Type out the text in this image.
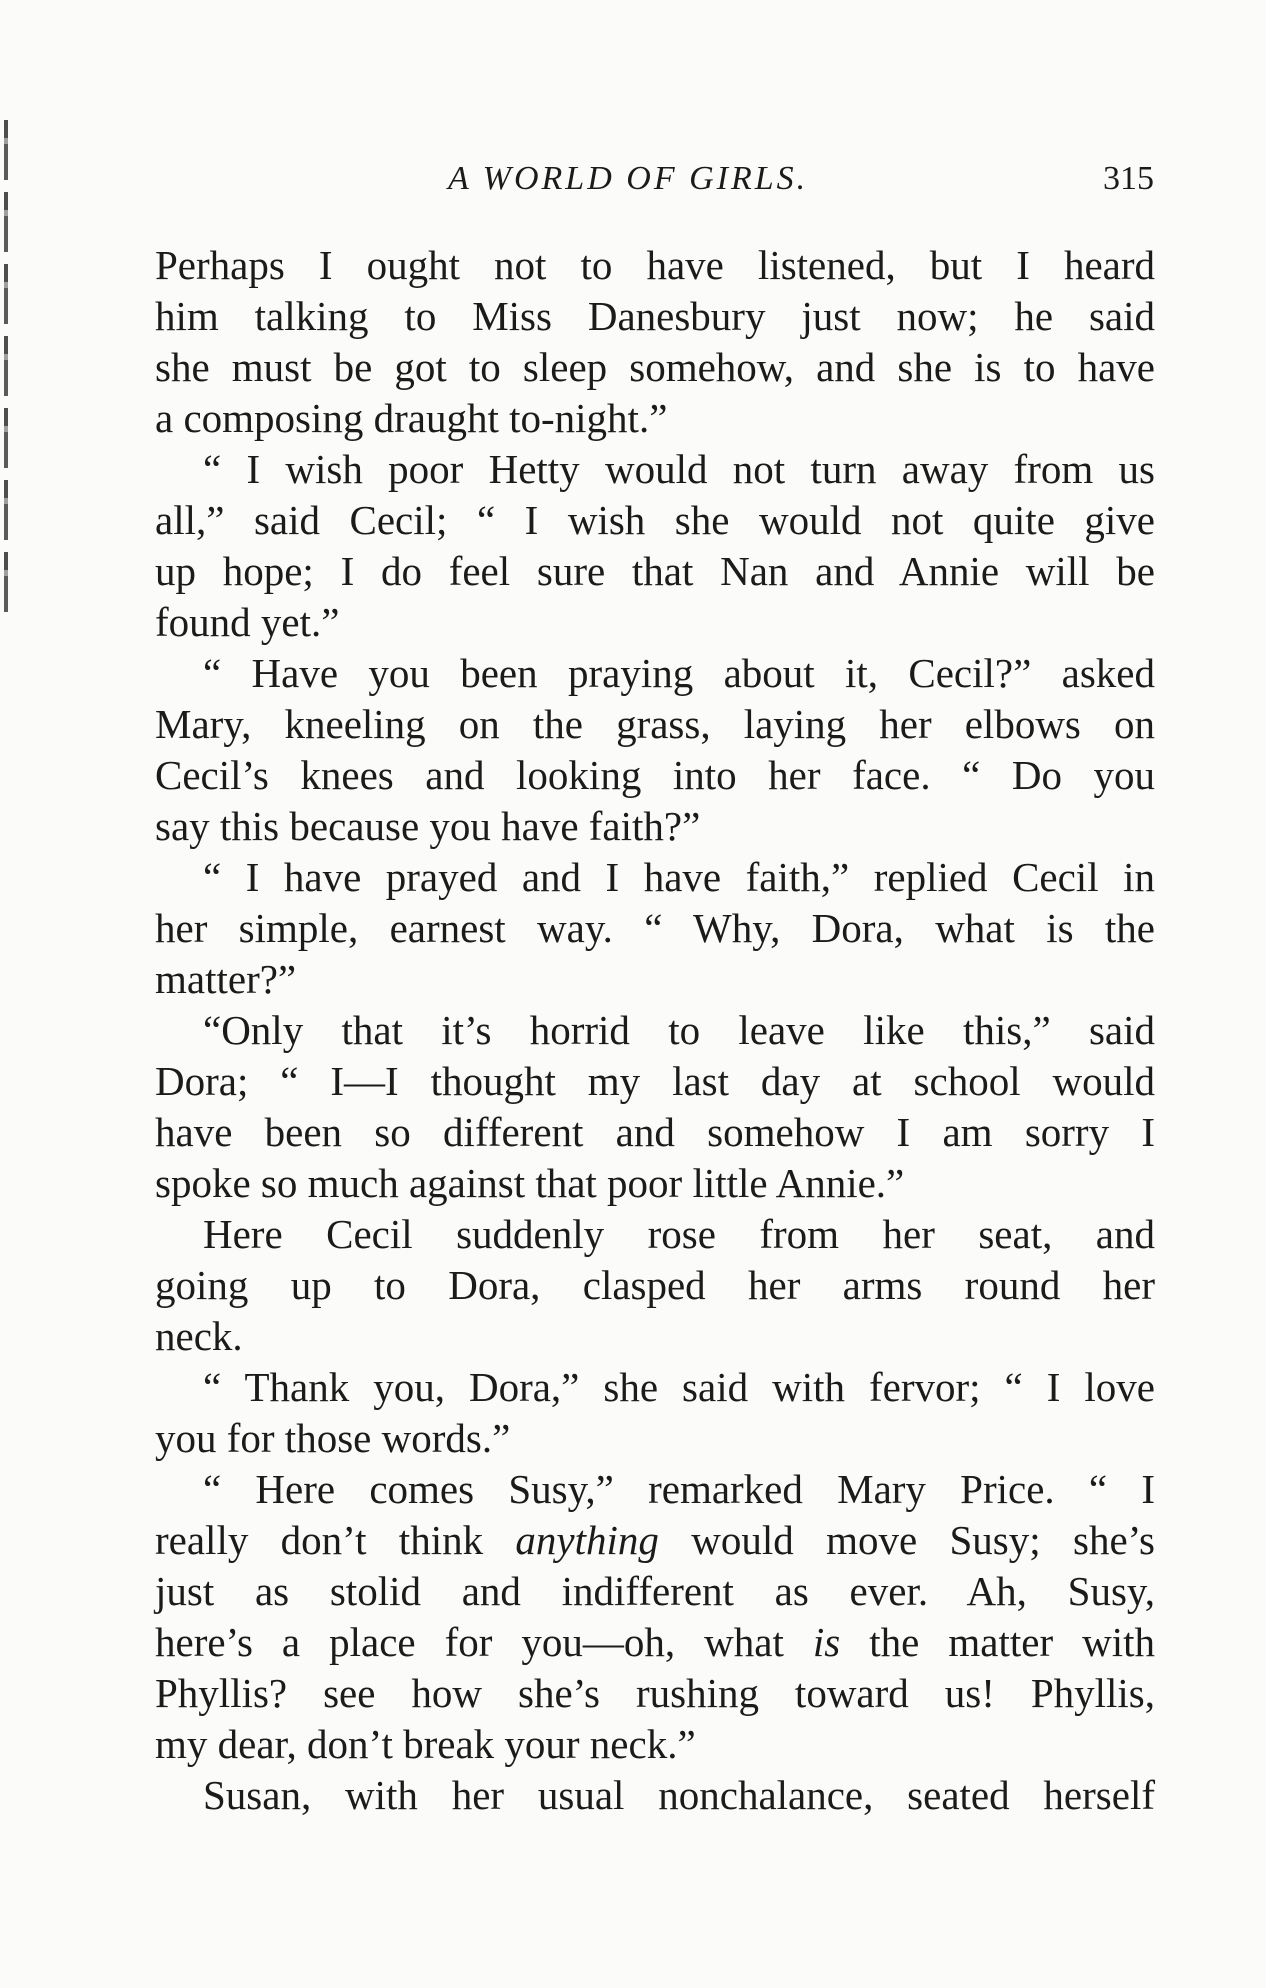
A WORLD OF GIRLS.	315
Perhaps I ought not to have listened, but I heard
him talking to Miss Danesbury just now; he said
she must be got to sleep somehow, and she is to have
a composing draught to-night.”
“ I wish poor Hetty would not turn away from us
all,” said Cecil; “ I wish she would not quite give
up hope; I do feel sure that Nan and Annie will be
found yet.”
“ Have you been praying about it, Cecil?” asked
Mary, kneeling on the grass, laying her elbows on
Cecil’s knees and looking into her face. “ Do you
say this because you have faith?”
“ I have prayed and I have faith,” replied Cecil in
her simple, earnest way. “ Why, Dora, what is the
matter?”
“Only that it’s horrid to leave like this,” said
Dora; “ I—I thought my last day at school would
have been so different and somehow I am sorry I
spoke so much against that poor little Annie.”
Here Cecil suddenly rose from her seat, and
going up to Dora, clasped her arms round her
neck.
“ Thank you, Dora,” she said with fervor; “ I love
you for those words.”
“ Here comes Susy,” remarked Mary Price. “ I
really don’t think anything would move Susy; she’s
just as stolid and indifferent as ever. Ah, Susy,
here’s a place for you—oh, what is the matter with
Phyllis? see how she’s rushing toward us! Phyllis,
my dear, don’t break your neck.”
Susan, with her usual nonchalance, seated herself
